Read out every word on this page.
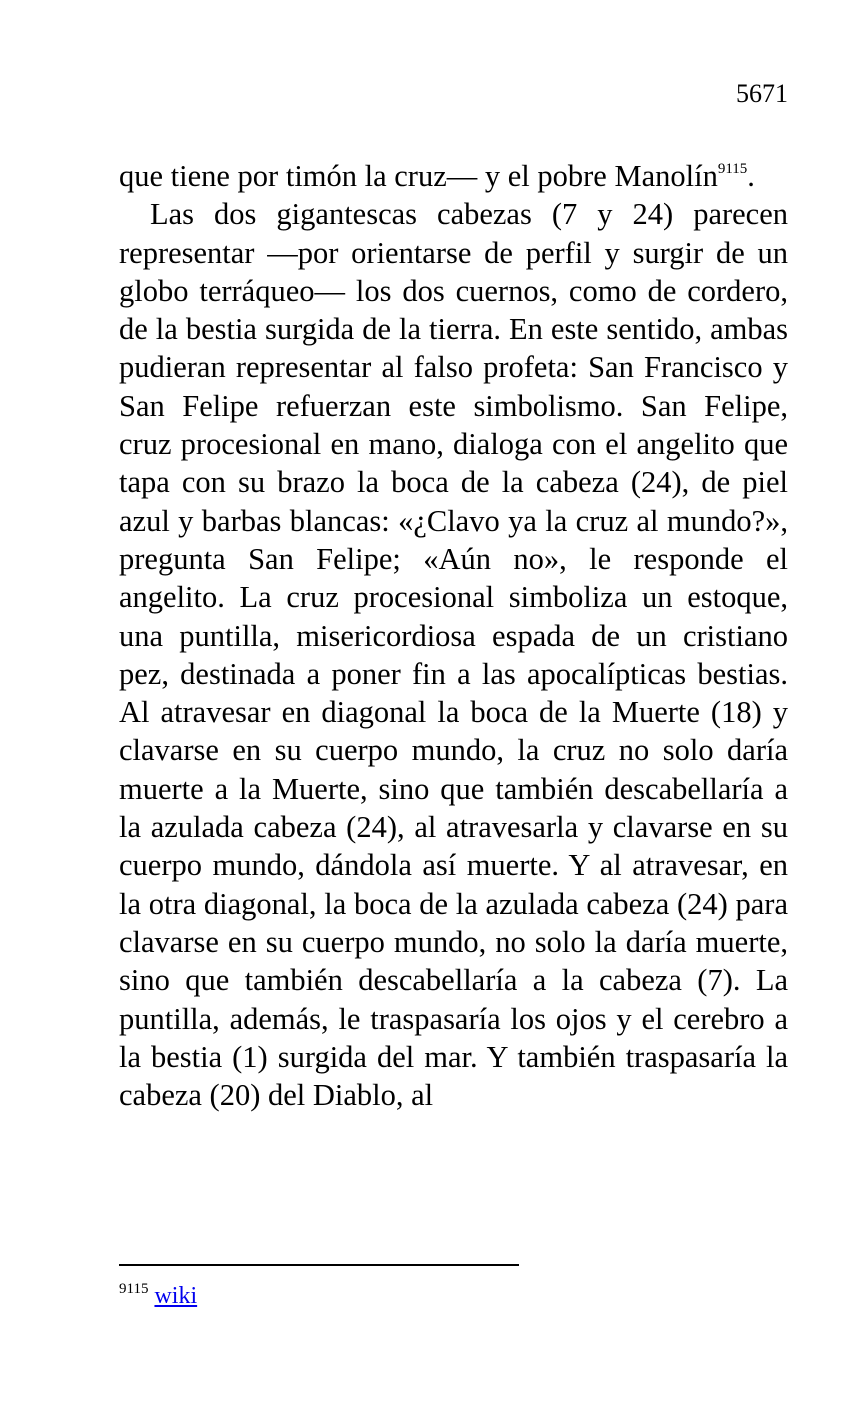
5671

que tiene por timón la cruz— y el pobre Manolín$^{9115}$.

Las dos gigantescas cabezas (7 y 24) parecen representar —por orientarse de perfil y surgir de un globo terráqueo— los dos cuernos, como de cordero, de la bestia surgida de la tierra. En este sentido, ambas pudieran representar al falso profeta: San Francisco y San Felipe refuerzan este simbolismo. San Felipe, cruz procesional en mano, dialoga con el angelito que tapa con su brazo la boca de la cabeza (24), de piel azul y barbas blancas: «¿Clavo ya la cruz al mundo?», pregunta San Felipe; «Aún no», le responde el angelito. La cruz procesional simboliza un estoque, una puntilla, misericordiosa espada de un cristiano pez, destinada a poner fin a las apocalípticas bestias. Al atravesar en diagonal la boca de la Muerte (18) y clavarse en su cuerpo mundo, la cruz no solo daría muerte a la Muerte, sino que también descabellaría a la azulada cabeza (24), al atravesarla y clavarse en su cuerpo mundo, dándola así muerte. Y al atravesar, en la otra diagonal, la boca de la azulada cabeza (24) para clavarse en su cuerpo mundo, no solo la daría muerte, sino que también descabellaría a la cabeza (7). La puntilla, además, le traspasaría los ojos y el cerebro a la bestia (1) surgida del mar. Y también traspasaría la cabeza (20) del Diablo, al

$^{9115}$ wiki
